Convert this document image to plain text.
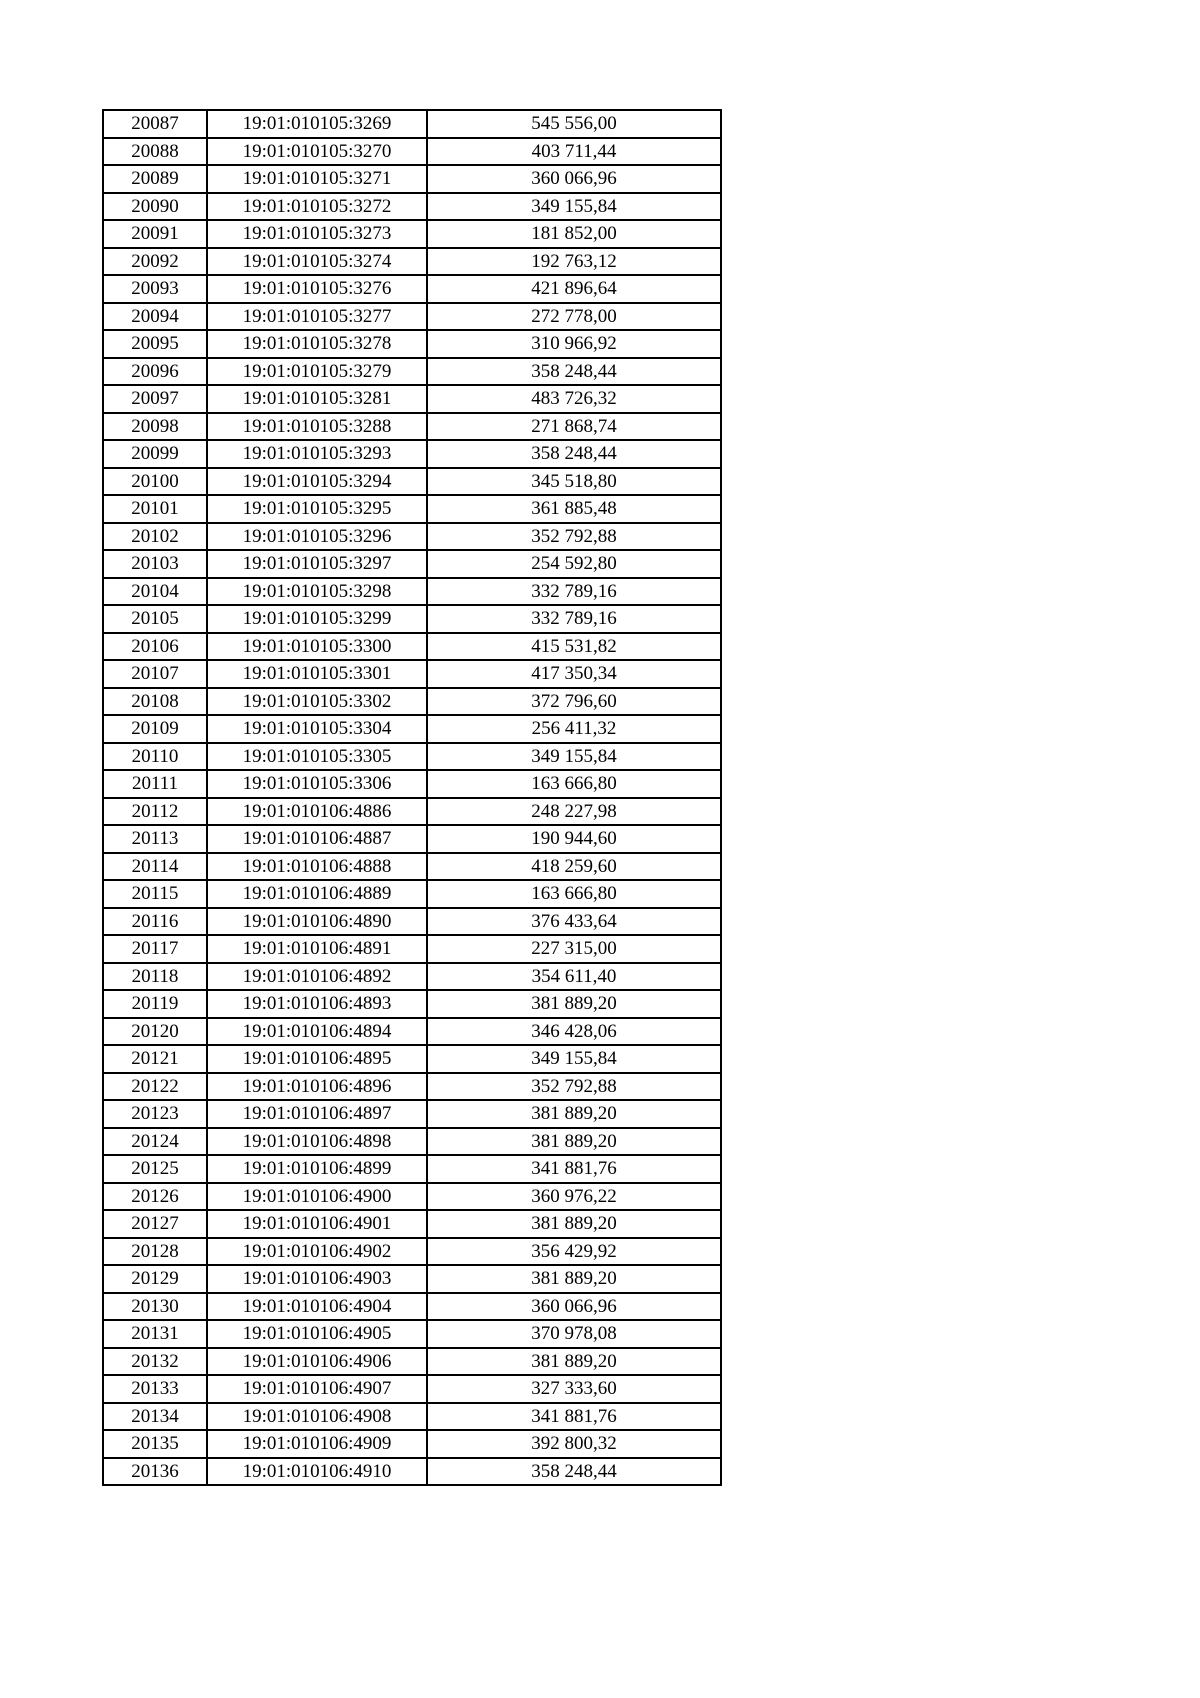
20087	19:01:010105:3269	545 556,00
20088	19:01:010105:3270	403 711,44
20089	19:01:010105:3271	360 066,96
20090	19:01:010105:3272	349 155,84
20091	19:01:010105:3273	181 852,00
20092	19:01:010105:3274	192 763,12
20093	19:01:010105:3276	421 896,64
20094	19:01:010105:3277	272 778,00
20095	19:01:010105:3278	310 966,92
20096	19:01:010105:3279	358 248,44
20097	19:01:010105:3281	483 726,32
20098	19:01:010105:3288	271 868,74
20099	19:01:010105:3293	358 248,44
20100	19:01:010105:3294	345 518,80
20101	19:01:010105:3295	361 885,48
20102	19:01:010105:3296	352 792,88
20103	19:01:010105:3297	254 592,80
20104	19:01:010105:3298	332 789,16
20105	19:01:010105:3299	332 789,16
20106	19:01:010105:3300	415 531,82
20107	19:01:010105:3301	417 350,34
20108	19:01:010105:3302	372 796,60
20109	19:01:010105:3304	256 411,32
20110	19:01:010105:3305	349 155,84
20111	19:01:010105:3306	163 666,80
20112	19:01:010106:4886	248 227,98
20113	19:01:010106:4887	190 944,60
20114	19:01:010106:4888	418 259,60
20115	19:01:010106:4889	163 666,80
20116	19:01:010106:4890	376 433,64
20117	19:01:010106:4891	227 315,00
20118	19:01:010106:4892	354 611,40
20119	19:01:010106:4893	381 889,20
20120	19:01:010106:4894	346 428,06
20121	19:01:010106:4895	349 155,84
20122	19:01:010106:4896	352 792,88
20123	19:01:010106:4897	381 889,20
20124	19:01:010106:4898	381 889,20
20125	19:01:010106:4899	341 881,76
20126	19:01:010106:4900	360 976,22
20127	19:01:010106:4901	381 889,20
20128	19:01:010106:4902	356 429,92
20129	19:01:010106:4903	381 889,20
20130	19:01:010106:4904	360 066,96
20131	19:01:010106:4905	370 978,08
20132	19:01:010106:4906	381 889,20
20133	19:01:010106:4907	327 333,60
20134	19:01:010106:4908	341 881,76
20135	19:01:010106:4909	392 800,32
20136	19:01:010106:4910	358 248,44
